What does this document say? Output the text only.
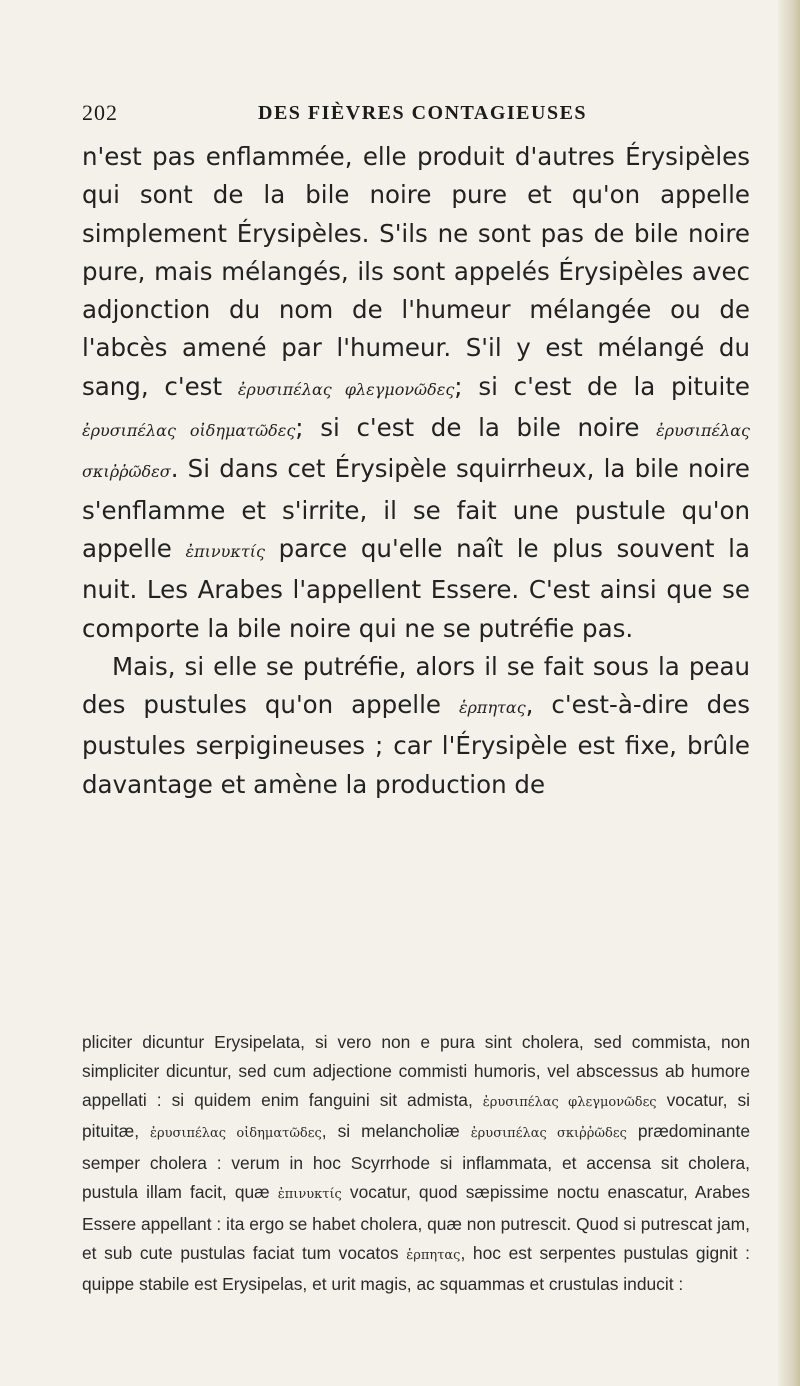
202	DES FIÈVRES CONTAGIEUSES

n'est pas enflammée, elle produit d'autres Érysipèles qui sont de la bile noire pure et qu'on appelle simplement Érysipèles. S'ils ne sont pas de bile noire pure, mais mélangés, ils sont appelés Érysipèles avec adjonction du nom de l'humeur mélangée ou de l'abcès amené par l'humeur. S'il y est mélangé du sang, c'est ἐρυσιπέλας φλεγμονῶδες; si c'est de la pituite ἐρυσιπέλας οἰδηματῶδες; si c'est de la bile noire ἐρυσιπέλας σκιῤῥῶδεσ. Si dans cet Érysipèle squirrheux, la bile noire s'enflamme et s'irrite, il se fait une pustule qu'on appelle ἐπινυκτίς parce qu'elle naît le plus souvent la nuit. Les Arabes l'appellent Essere. C'est ainsi que se comporte la bile noire qui ne se putréfie pas.

Mais, si elle se putréfie, alors il se fait sous la peau des pustules qu'on appelle ἑρπητας, c'est-à-dire des pustules serpigineuses ; car l'Érysipèle est fixe, brûle davantage et amène la production de

pliciter dicuntur Erysipelata, si vero non e pura sint cholera, sed commista, non simpliciter dicuntur, sed cum adjectione commisti humoris, vel abscessus ab humore appellati : si quidem enim fanguini sit admista, ἐρυσιπέλας φλεγμονῶδες vocatur, si pituitæ, ἐρυσιπέλας οἰδηματῶδες, si melancholiæ ἐρυσιπέλας σκιῤῥῶδες prædominante semper cholera : verum in hoc Scyrrhode si inflammata, et accensa sit cholera, pustula illam facit, quæ ἐπινυκτίς vocatur, quod sæpissime noctu enascatur, Arabes Essere appellant : ita ergo se habet cholera, quæ non putrescit. Quod si putrescat jam, et sub cute pustulas faciat tum vocatos ἑρπητας, hoc est serpentes pustulas gignit : quippe stabile est Erysipelas, et urit magis, ac squammas et crustulas inducit :
